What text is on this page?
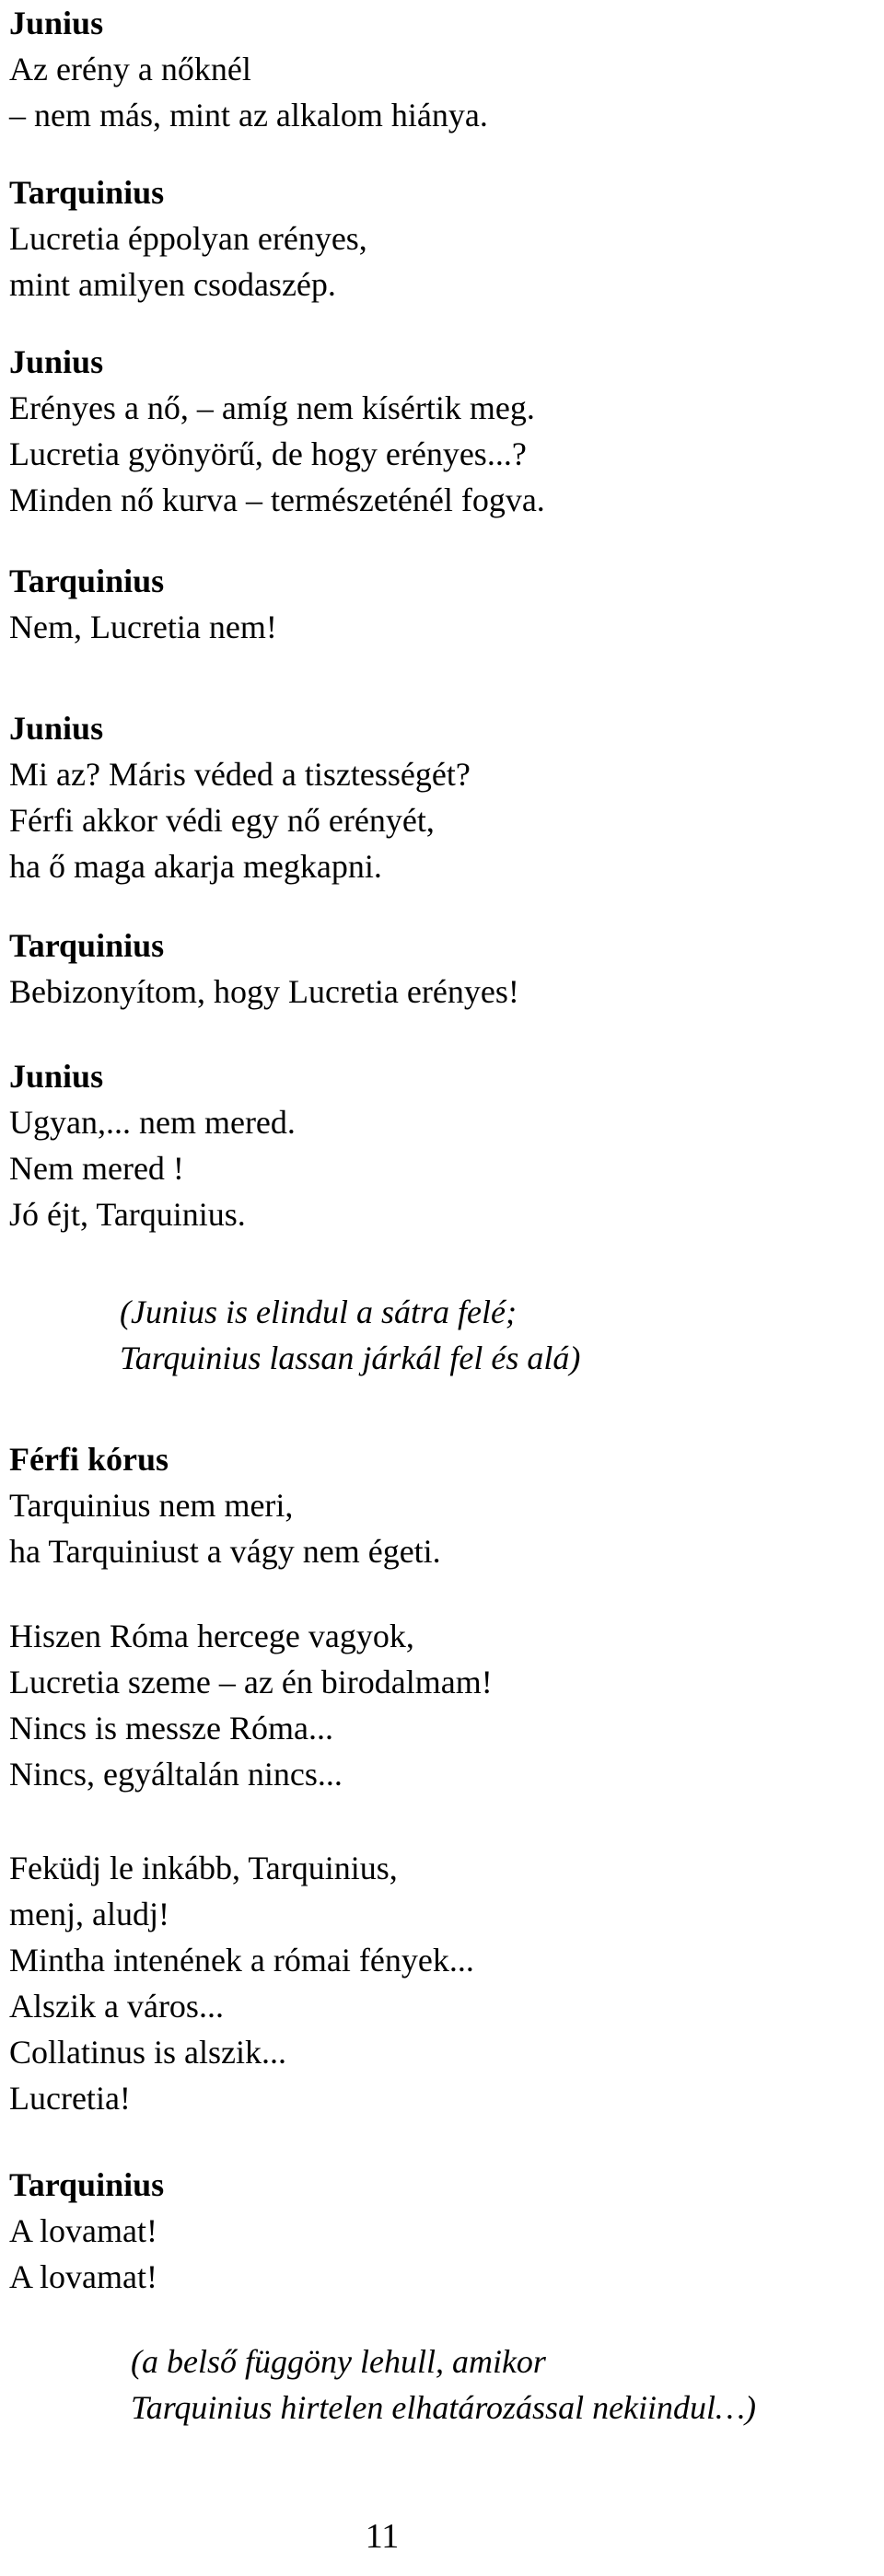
Junius

Az erény a nőknél

– nem más, mint az alkalom hiánya.

Tarquinius

Lucretia éppolyan erényes,

mint amilyen csodaszép.

Junius

Erényes a nő, – amíg nem kísértik meg.

Lucretia gyönyörű, de hogy erényes...?

Minden nő kurva – természeténél fogva.

Tarquinius

Nem, Lucretia nem!

Junius

Mi az? Máris véded a tisztességét?

Férfi akkor védi egy nő erényét,

ha ő maga akarja megkapni.

Tarquinius

Bebizonyítom, hogy Lucretia erényes!

Junius

Ugyan,... nem mered.

Nem mered !

Jó éjt, Tarquinius.

(Junius is elindul a sátra felé;

Tarquinius lassan járkál fel és alá)

Férfi kórus

Tarquinius nem meri,

ha Tarquiniust a vágy nem égeti.

Hiszen Róma hercege vagyok,

Lucretia szeme – az én birodalmam!

Nincs is messze Róma...

Nincs, egyáltalán nincs...

Feküdj le inkább, Tarquinius,

menj, aludj!

Mintha intenének a római fények...

Alszik a város...

Collatinus is alszik...

Lucretia!

Tarquinius

A lovamat!

A lovamat!

(a belső függöny lehull, amikor

Tarquinius hirtelen elhatározással nekiindul…)

11
